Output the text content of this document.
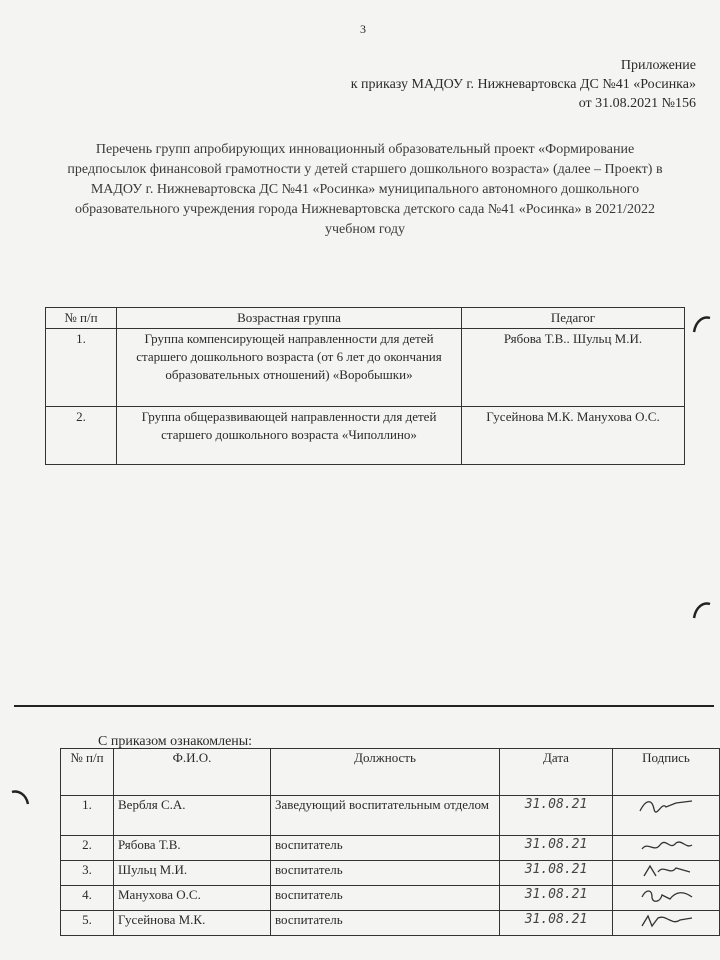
3
Приложение
к приказу МАДОУ г. Нижневартовска ДС №41 «Росинка»
от 31.08.2021 №156
Перечень групп апробирующих инновационный образовательный проект «Формирование предпосылок финансовой грамотности у детей старшего дошкольного возраста» (далее – Проект) в МАДОУ г. Нижневартовска ДС №41 «Росинка» муниципального автономного дошкольного образовательного учреждения города Нижневартовска детского сада №41 «Росинка» в 2021/2022 учебном году
№ п/п	Возрастная группа	Педагог
1.	Группа компенсирующей направленности для детей старшего дошкольного возраста (от 6 лет до окончания образовательных отношений) «Воробышки»	Рябова Т.В.. Шульц М.И.
2.	Группа общеразвивающей направленности для детей старшего дошкольного возраста «Чиполлино»	Гусейнова М.К. Манухова О.С.
С приказом ознакомлены:
№ п/п	Ф.И.О.	Должность	Дата	Подпись
1.	Вербля С.А.	Заведующий воспитательным отделом	31.08.21	
2.	Рябова Т.В.	воспитатель	31.08.21	
3.	Шульц М.И.	воспитатель	31.08.21	
4.	Манухова О.С.	воспитатель	31.08.21	
5.	Гусейнова М.К.	воспитатель	31.08.21	
